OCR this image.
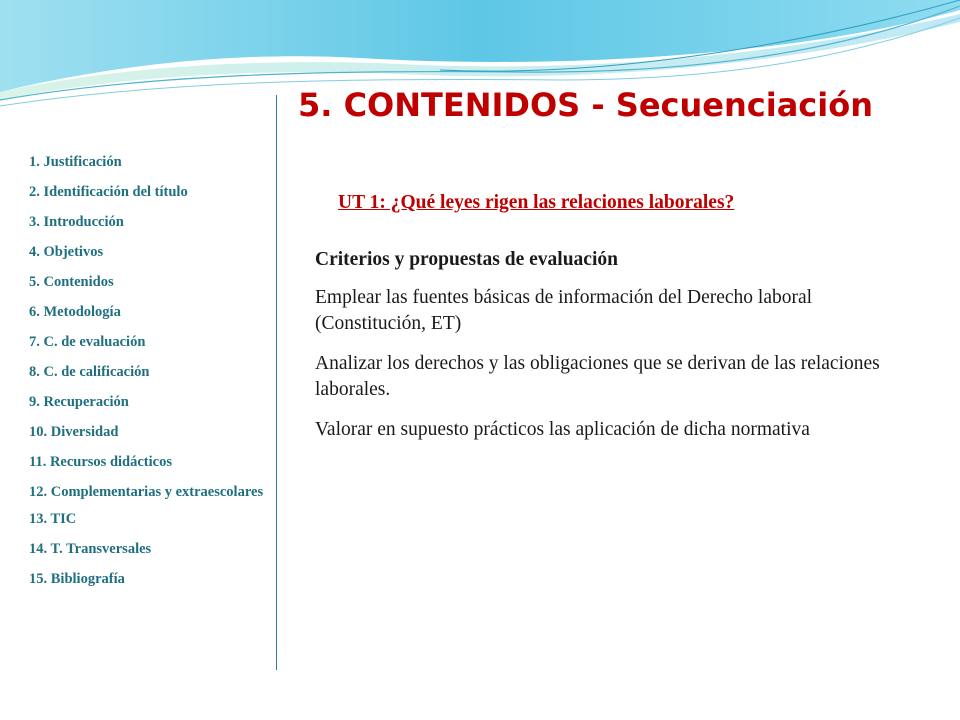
5. CONTENIDOS - Secuenciación
1. Justificación
2. Identificación del título
3. Introducción
4. Objetivos
5. Contenidos
6. Metodología
7. C. de evaluación
8. C. de calificación
9. Recuperación
10. Diversidad
11. Recursos didácticos
12. Complementarias y extraescolares
13. TIC
14. T. Transversales
15. Bibliografía
UT 1: ¿Qué leyes rigen las relaciones laborales?
Criterios y propuestas de evaluación

Emplear las fuentes básicas de información del Derecho laboral (Constitución, ET)

Analizar los derechos y las obligaciones que se derivan de las relaciones laborales.

Valorar en supuesto prácticos las aplicación de dicha normativa
